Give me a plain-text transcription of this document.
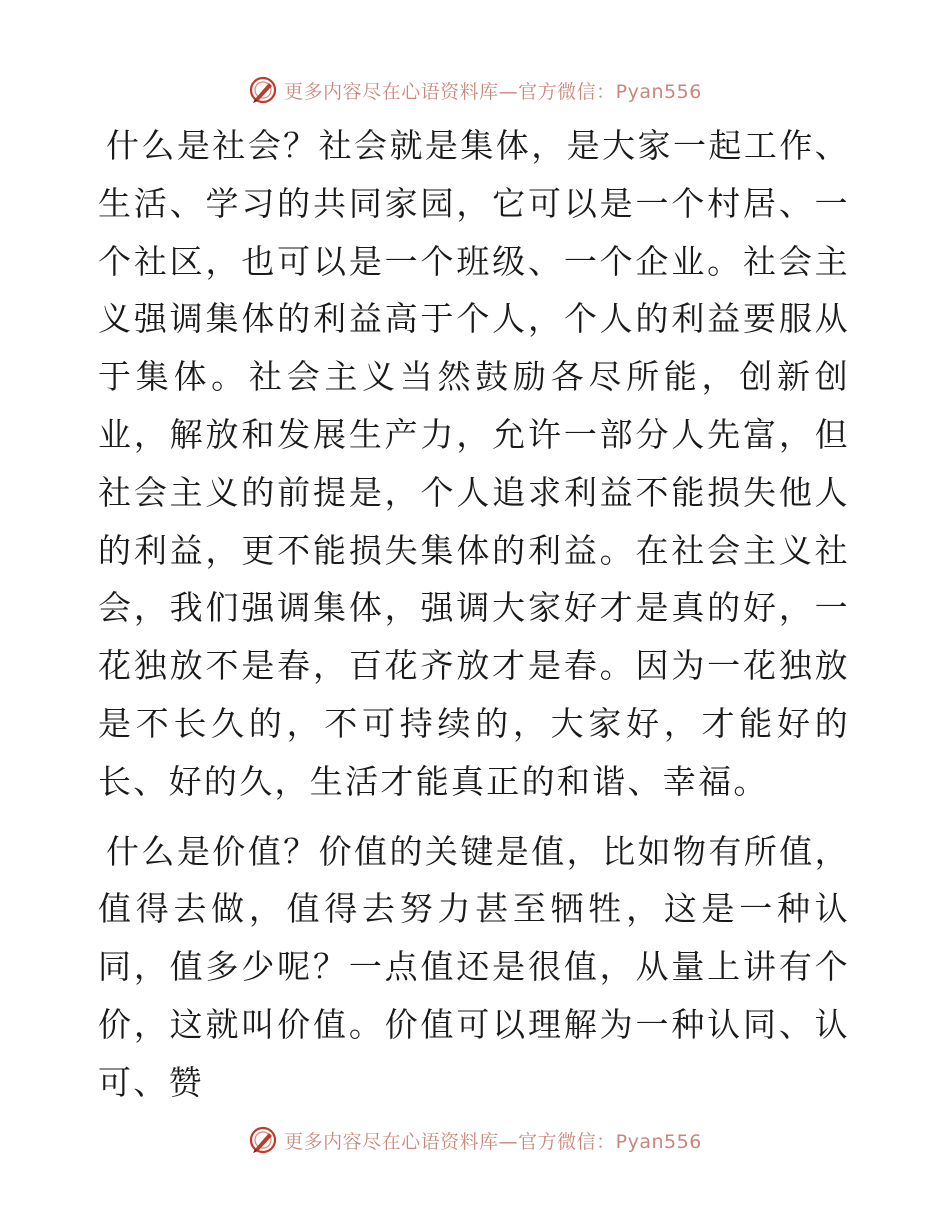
更多内容尽在心语资料库—官方微信：Pyan556

什么是社会？社会就是集体，是大家一起工作、生活、学习的共同家园，它可以是一个村居、一个社区，也可以是一个班级、一个企业。社会主义强调集体的利益高于个人，个人的利益要服从于集体。社会主义当然鼓励各尽所能，创新创业，解放和发展生产力，允许一部分人先富，但社会主义的前提是，个人追求利益不能损失他人的利益，更不能损失集体的利益。在社会主义社会，我们强调集体，强调大家好才是真的好，一花独放不是春，百花齐放才是春。因为一花独放是不长久的，不可持续的，大家好，才能好的长、好的久，生活才能真正的和谐、幸福。

什么是价值？价值的关键是值，比如物有所值，值得去做，值得去努力甚至牺牲，这是一种认同，值多少呢？一点值还是很值，从量上讲有个价，这就叫价值。价值可以理解为一种认同、认可、赞

更多内容尽在心语资料库—官方微信：Pyan556
